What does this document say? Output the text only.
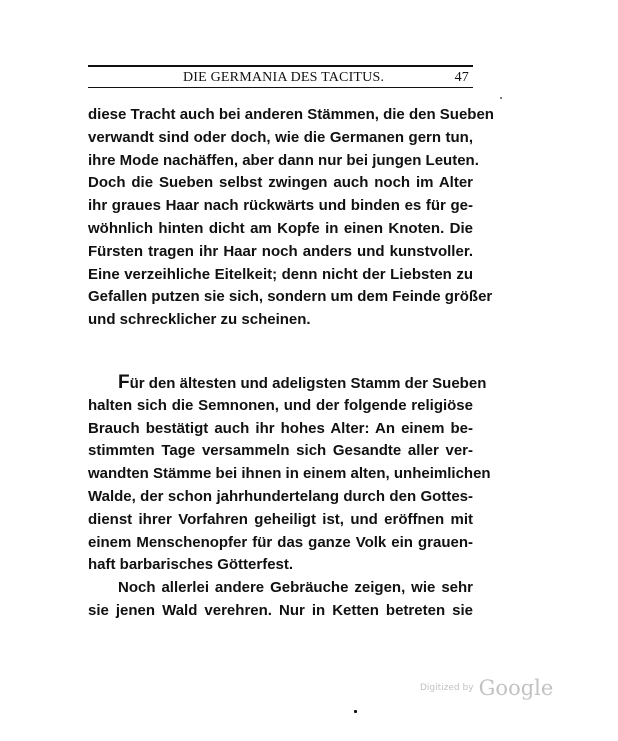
DIE GERMANIA DES TACITUS.	47
diese Tracht auch bei anderen Stämmen, die den Sueben
verwandt sind oder doch, wie die Germanen gern tun,
ihre Mode nachäffen, aber dann nur bei jungen Leuten.
Doch die Sueben selbst zwingen auch noch im Alter
ihr graues Haar nach rückwärts und binden es für ge-
wöhnlich hinten dicht am Kopfe in einen Knoten. Die
Fürsten tragen ihr Haar noch anders und kunstvoller.
Eine verzeihliche Eitelkeit; denn nicht der Liebsten zu
Gefallen putzen sie sich, sondern um dem Feinde größer
und schrecklicher zu scheinen.
Für den ältesten und adeligsten Stamm der Sueben
halten sich die Semnonen, und der folgende religiöse
Brauch bestätigt auch ihr hohes Alter: An einem be-
stimmten Tage versammeln sich Gesandte aller ver-
wandten Stämme bei ihnen in einem alten, unheimlichen
Walde, der schon jahrhundertelang durch den Gottes-
dienst ihrer Vorfahren geheiligt ist, und eröffnen mit
einem Menschenopfer für das ganze Volk ein grauen-
haft barbarisches Götterfest.
Noch allerlei andere Gebräuche zeigen, wie sehr
sie jenen Wald verehren. Nur in Ketten betreten sie
Digitized by Google
